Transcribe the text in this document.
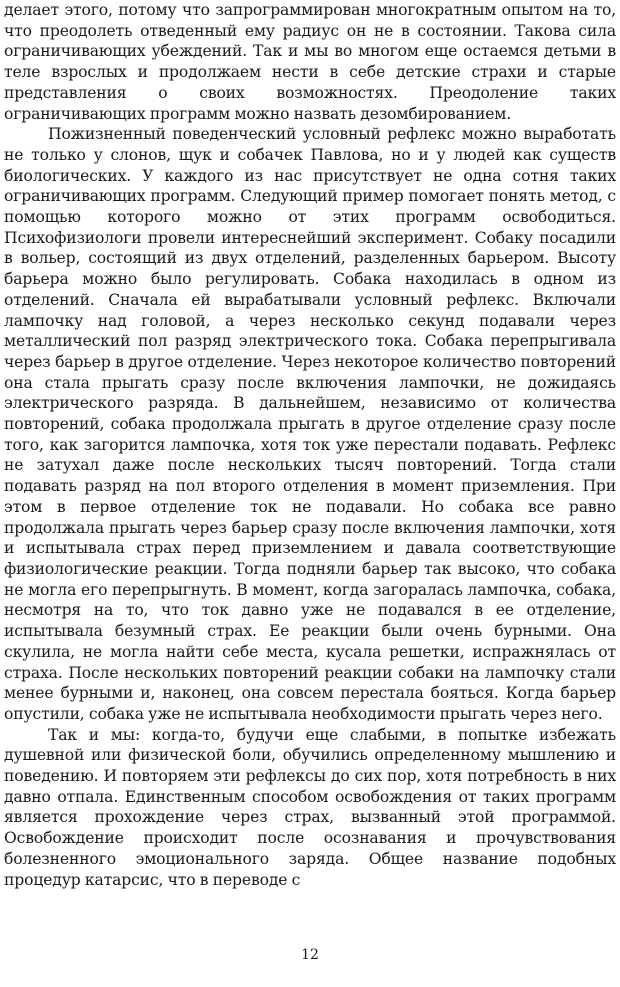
делает этого, потому что запрограммирован многократным опытом на то, что преодолеть отведенный ему радиус он не в состоянии. Такова сила ограничивающих убеждений. Так и мы во многом еще остаемся детьми в теле взрослых и продолжаем нести в себе детские страхи и старые представления о своих возможностях. Преодоление таких ограничивающих программ можно назвать дезомбированием.

Пожизненный поведенческий условный рефлекс можно выработать не только у слонов, щук и собачек Павлова, но и у людей как существ биологических. У каждого из нас присутствует не одна сотня таких ограничивающих программ. Следующий пример помогает понять метод, с помощью которого можно от этих программ освободиться. Психофизиологи провели интереснейший эксперимент. Собаку посадили в вольер, состоящий из двух отделений, разделенных барьером. Высоту барьера можно было регулировать. Собака находилась в одном из отделений. Сначала ей вырабатывали условный рефлекс. Включали лампочку над головой, а через несколько секунд подавали через металлический пол разряд электрического тока. Собака перепрыгивала через барьер в другое отделение. Через некоторое количество повторений она стала прыгать сразу после включения лампочки, не дожидаясь электрического разряда. В дальнейшем, независимо от количества повторений, собака продолжала прыгать в другое отделение сразу после того, как загорится лампочка, хотя ток уже перестали подавать. Рефлекс не затухал даже после нескольких тысяч повторений. Тогда стали подавать разряд на пол второго отделения в момент приземления. При этом в первое отделение ток не подавали. Но собака все равно продолжала прыгать через барьер сразу после включения лампочки, хотя и испытывала страх перед приземлением и давала соответствующие физиологические реакции. Тогда подняли барьер так высоко, что собака не могла его перепрыгнуть. В момент, когда загоралась лампочка, собака, несмотря на то, что ток давно уже не подавался в ее отделение, испытывала безумный страх. Ее реакции были очень бурными. Она скулила, не могла найти себе места, кусала решетки, испражнялась от страха. После нескольких повторений реакции собаки на лампочку стали менее бурными и, наконец, она совсем перестала бояться. Когда барьер опустили, собака уже не испытывала необходимости прыгать через него.

Так и мы: когда-то, будучи еще слабыми, в попытке избежать душевной или физической боли, обучились определенному мышлению и поведению. И повторяем эти рефлексы до сих пор, хотя потребность в них давно отпала. Единственным способом освобождения от таких программ является прохождение через страх, вызванный этой программой. Освобождение происходит после осознавания и прочувствования болезненного эмоционального заряда. Общее название подобных процедур катарсис, что в переводе с

12
